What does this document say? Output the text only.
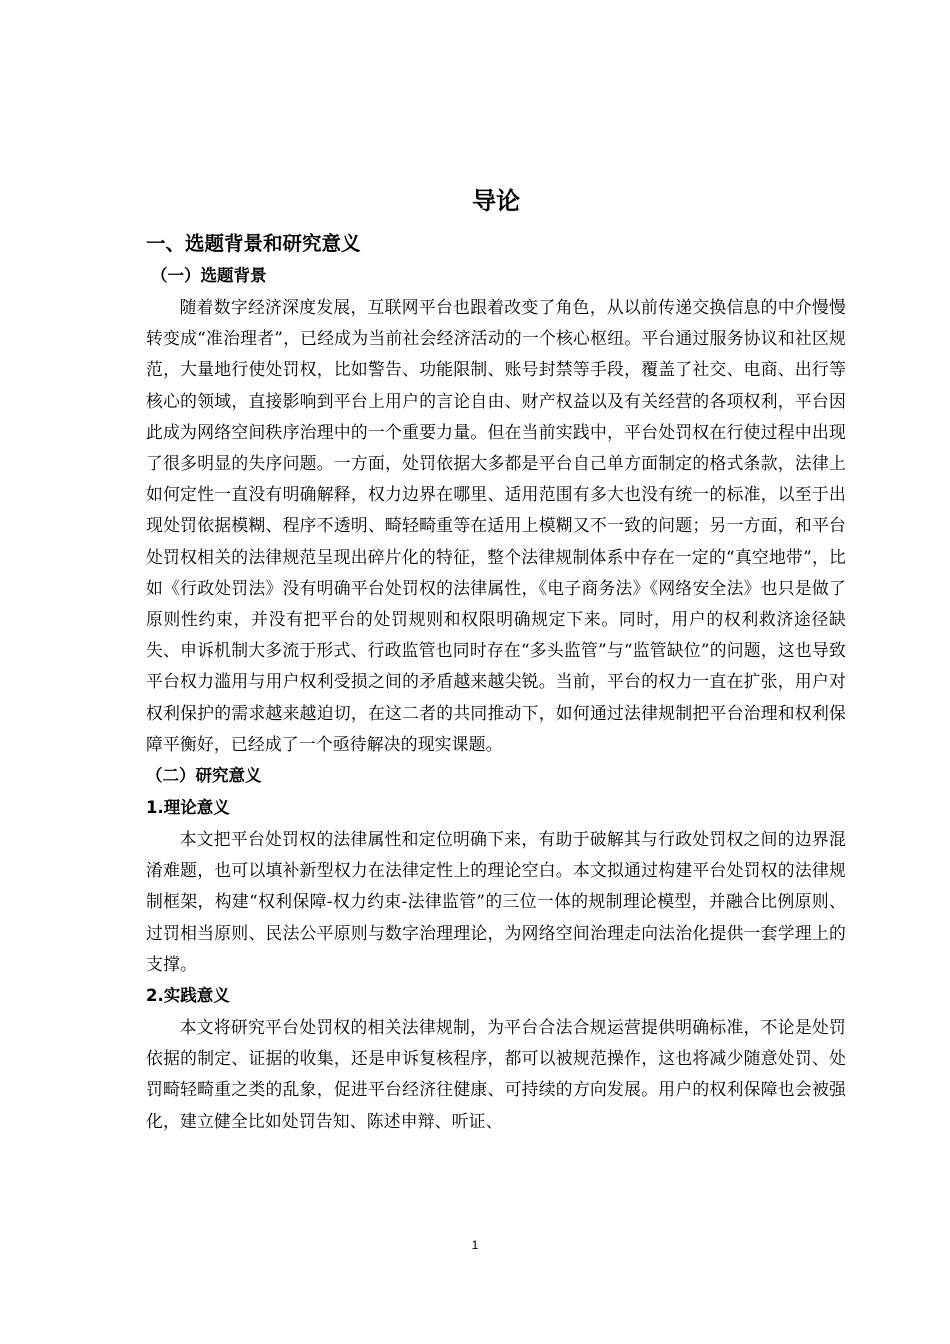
导论
一、选题背景和研究意义
（一）选题背景

随着数字经济深度发展，互联网平台也跟着改变了角色，从以前传递交换信息的中介慢慢转变成“准治理者”，已经成为当前社会经济活动的一个核心枢纽。平台通过服务协议和社区规范，大量地行使处罚权，比如警告、功能限制、账号封禁等手段，覆盖了社交、电商、出行等核心的领域，直接影响到平台上用户的言论自由、财产权益以及有关经营的各项权利，平台因此成为网络空间秩序治理中的一个重要力量。但在当前实践中，平台处罚权在行使过程中出现了很多明显的失序问题。一方面，处罚依据大多都是平台自己单方面制定的格式条款，法律上如何定性一直没有明确解释，权力边界在哪里、适用范围有多大也没有统一的标准，以至于出现处罚依据模糊、程序不透明、畸轻畸重等在适用上模糊又不一致的问题；另一方面，和平台处罚权相关的法律规范呈现出碎片化的特征，整个法律规制体系中存在一定的“真空地带”，比如《行政处罚法》没有明确平台处罚权的法律属性，《电子商务法》《网络安全法》也只是做了原则性约束，并没有把平台的处罚规则和权限明确规定下来。同时，用户的权利救济途径缺失、申诉机制大多流于形式、行政监管也同时存在“多头监管”与“监管缺位”的问题，这也导致平台权力滥用与用户权利受损之间的矛盾越来越尖锐。当前，平台的权力一直在扩张，用户对权利保护的需求越来越迫切，在这二者的共同推动下，如何通过法律规制把平台治理和权利保障平衡好，已经成了一个亟待解决的现实课题。

（二）研究意义
1.理论意义

本文把平台处罚权的法律属性和定位明确下来，有助于破解其与行政处罚权之间的边界混淆难题，也可以填补新型权力在法律定性上的理论空白。本文拟通过构建平台处罚权的法律规制框架，构建“权利保障-权力约束-法律监管”的三位一体的规制理论模型，并融合比例原则、过罚相当原则、民法公平原则与数字治理理论，为网络空间治理走向法治化提供一套学理上的支撑。

2.实践意义

本文将研究平台处罚权的相关法律规制，为平台合法合规运营提供明确标准，不论是处罚依据的制定、证据的收集，还是申诉复核程序，都可以被规范操作，这也将减少随意处罚、处罚畸轻畸重之类的乱象，促进平台经济往健康、可持续的方向发展。用户的权利保障也会被强化，建立健全比如处罚告知、陈述申辩、听证、

1
